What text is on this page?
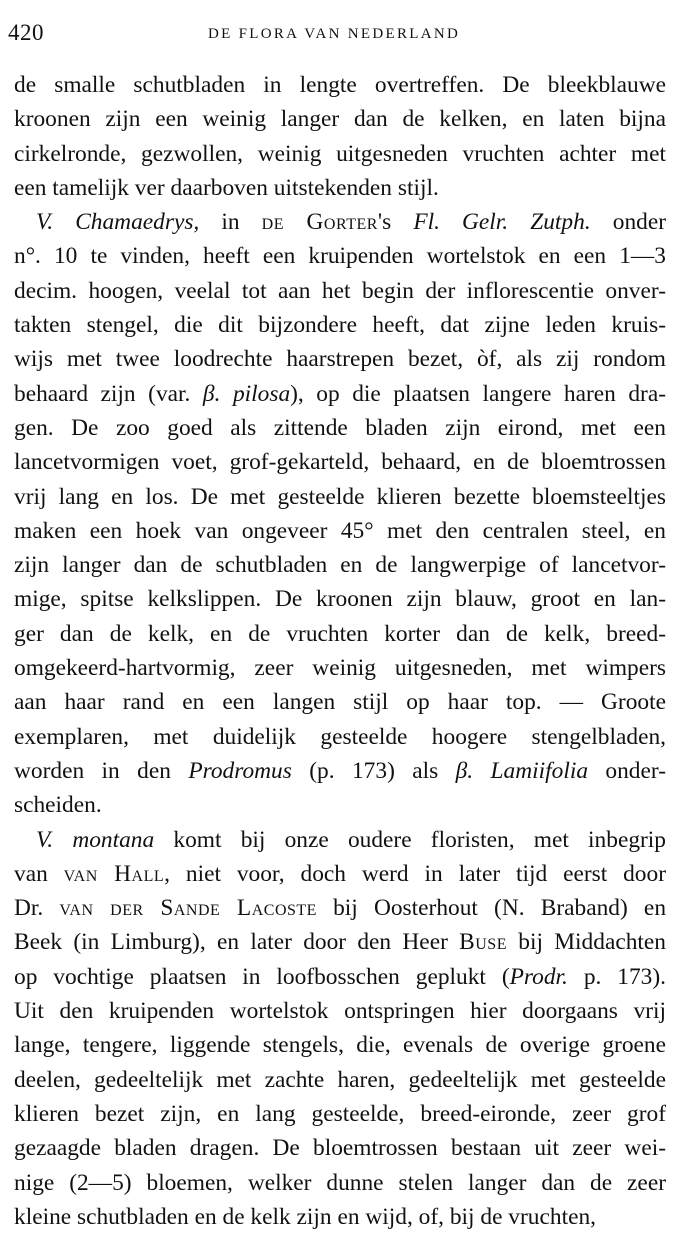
420	DE FLORA VAN NEDERLAND
de smalle schutbladen in lengte overtreffen. De bleekblauwe
kroonen zijn een weinig langer dan de kelken, en laten bijna
cirkelronde, gezwollen, weinig uitgesneden vruchten achter met
een tamelijk ver daarboven uitstekenden stijl.
V. Chamaedrys, in de Gorter's Fl. Gelr. Zutph. onder
n°. 10 te vinden, heeft een kruipenden wortelstok en een 1—3
decim. hoogen, veelal tot aan het begin der inflorescentie onver-
takten stengel, die dit bijzondere heeft, dat zijne leden kruis-
wijs met twee loodrechte haarstrepen bezet, òf, als zij rondom
behaard zijn (var. β. pilosa), op die plaatsen langere haren dra-
gen. De zoo goed als zittende bladen zijn eirond, met een
lancetvormigen voet, grof-gekarteld, behaard, en de bloemtrossen
vrij lang en los. De met gesteelde klieren bezette bloemsteeltjes
maken een hoek van ongeveer 45° met den centralen steel, en
zijn langer dan de schutbladen en de langwerpige of lancetvor-
mige, spitse kelkslippen. De kroonen zijn blauw, groot en lan-
ger dan de kelk, en de vruchten korter dan de kelk, breed-
omgekeerd-hartvormig, zeer weinig uitgesneden, met wimpers
aan haar rand en een langen stijl op haar top. — Groote
exemplaren, met duidelijk gesteelde hoogere stengelbladen,
worden in den Prodromus (p. 173) als β. Lamiifolia onder-
scheiden.
V. montana komt bij onze oudere floristen, met inbegrip
van van Hall, niet voor, doch werd in later tijd eerst door
Dr. van der Sande Lacoste bij Oosterhout (N. Braband) en
Beek (in Limburg), en later door den Heer Buse bij Middachten
op vochtige plaatsen in loofbosschen geplukt (Prodr. p. 173).
Uit den kruipenden wortelstok ontspringen hier doorgaans vrij
lange, tengere, liggende stengels, die, evenals de overige groene
deelen, gedeeltelijk met zachte haren, gedeeltelijk met gesteelde
klieren bezet zijn, en lang gesteelde, breed-eironde, zeer grof
gezaagde bladen dragen. De bloemtrossen bestaan uit zeer wei-
nige (2—5) bloemen, welker dunne stelen langer dan de zeer
kleine schutbladen en de kelk zijn en wijd, of, bij de vruchten,
